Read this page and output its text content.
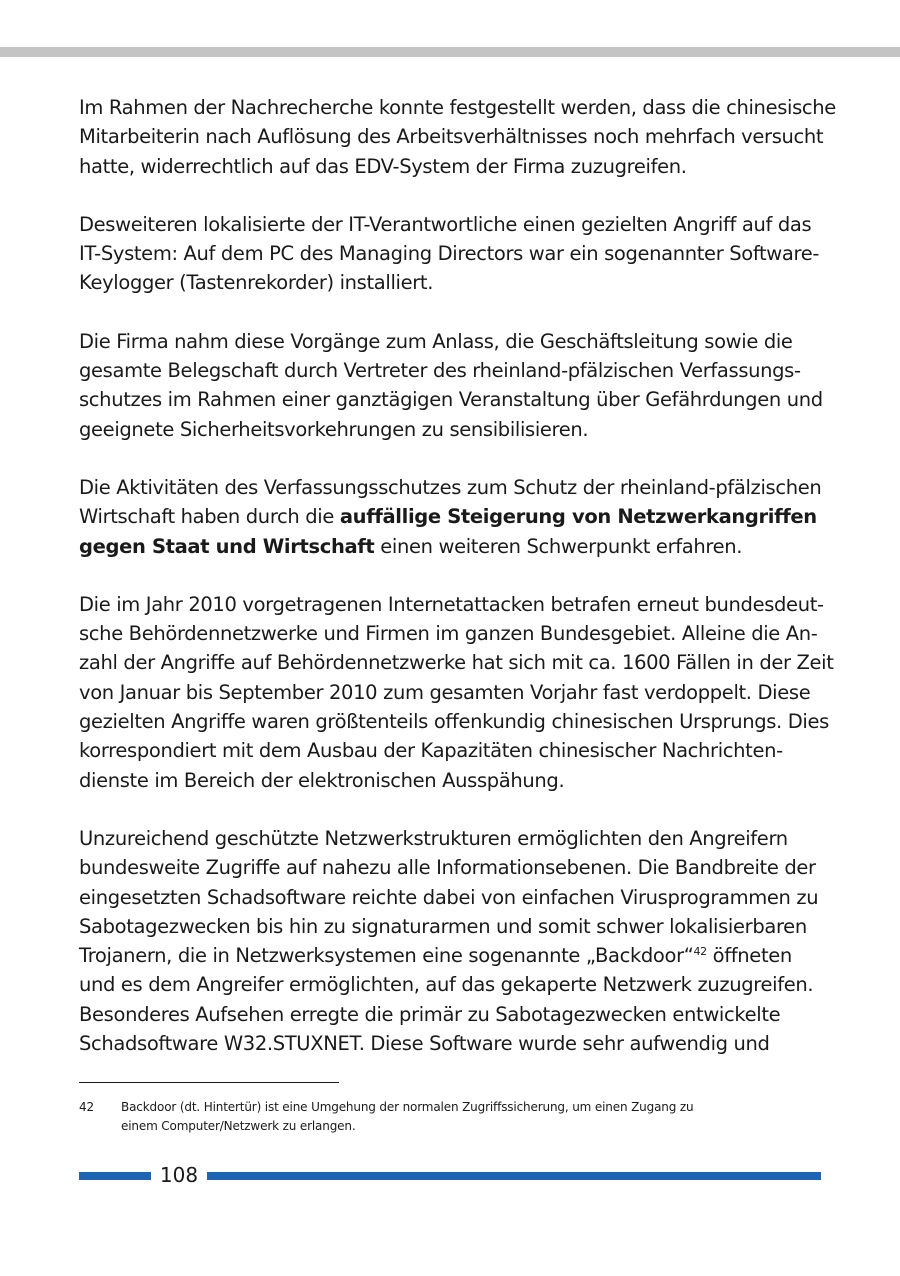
Im Rahmen der Nachrecherche konnte festgestellt werden, dass die chinesische
Mitarbeiterin nach Auflösung des Arbeitsverhältnisses noch mehrfach versucht
hatte, widerrechtlich auf das EDV-System der Firma zuzugreifen.

Desweiteren lokalisierte der IT-Verantwortliche einen gezielten Angriff auf das
IT-System: Auf dem PC des Managing Directors war ein sogenannter Software-
Keylogger (Tastenrekorder) installiert.

Die Firma nahm diese Vorgänge zum Anlass, die Geschäftsleitung sowie die
gesamte Belegschaft durch Vertreter des rheinland-pfälzischen Verfassungs-
schutzes im Rahmen einer ganztägigen Veranstaltung über Gefährdungen und
geeignete Sicherheitsvorkehrungen zu sensibilisieren.

Die Aktivitäten des Verfassungsschutzes zum Schutz der rheinland-pfälzischen
Wirtschaft haben durch die auffällige Steigerung von Netzwerkangriffen
gegen Staat und Wirtschaft einen weiteren Schwerpunkt erfahren.

Die im Jahr 2010 vorgetragenen Internetattacken betrafen erneut bundesdeut-
sche Behördennetzwerke und Firmen im ganzen Bundesgebiet. Alleine die An-
zahl der Angriffe auf Behördennetzwerke hat sich mit ca. 1600 Fällen in der Zeit
von Januar bis September 2010 zum gesamten Vorjahr fast verdoppelt. Diese
gezielten Angriffe waren größtenteils offenkundig chinesischen Ursprungs. Dies
korrespondiert mit dem Ausbau der Kapazitäten chinesischer Nachrichten-
dienste im Bereich der elektronischen Ausspähung.

Unzureichend geschützte Netzwerkstrukturen ermöglichten den Angreifern
bundesweite Zugriffe auf nahezu alle Informationsebenen. Die Bandbreite der
eingesetzten Schadsoftware reichte dabei von einfachen Virusprogrammen zu
Sabotagezwecken bis hin zu signaturarmen und somit schwer lokalisierbaren
Trojanern, die in Netzwerksystemen eine sogenannte „Backdoor“$^{42}$ öffneten
und es dem Angreifer ermöglichten, auf das gekaperte Netzwerk zuzugreifen.
Besonderes Aufsehen erregte die primär zu Sabotagezwecken entwickelte
Schadsoftware W32.STUXNET. Diese Software wurde sehr aufwendig und

42 Backdoor (dt. Hintertür) ist eine Umgehung der normalen Zugriffssicherung, um einen Zugang zu
einem Computer/Netzwerk zu erlangen.
108
